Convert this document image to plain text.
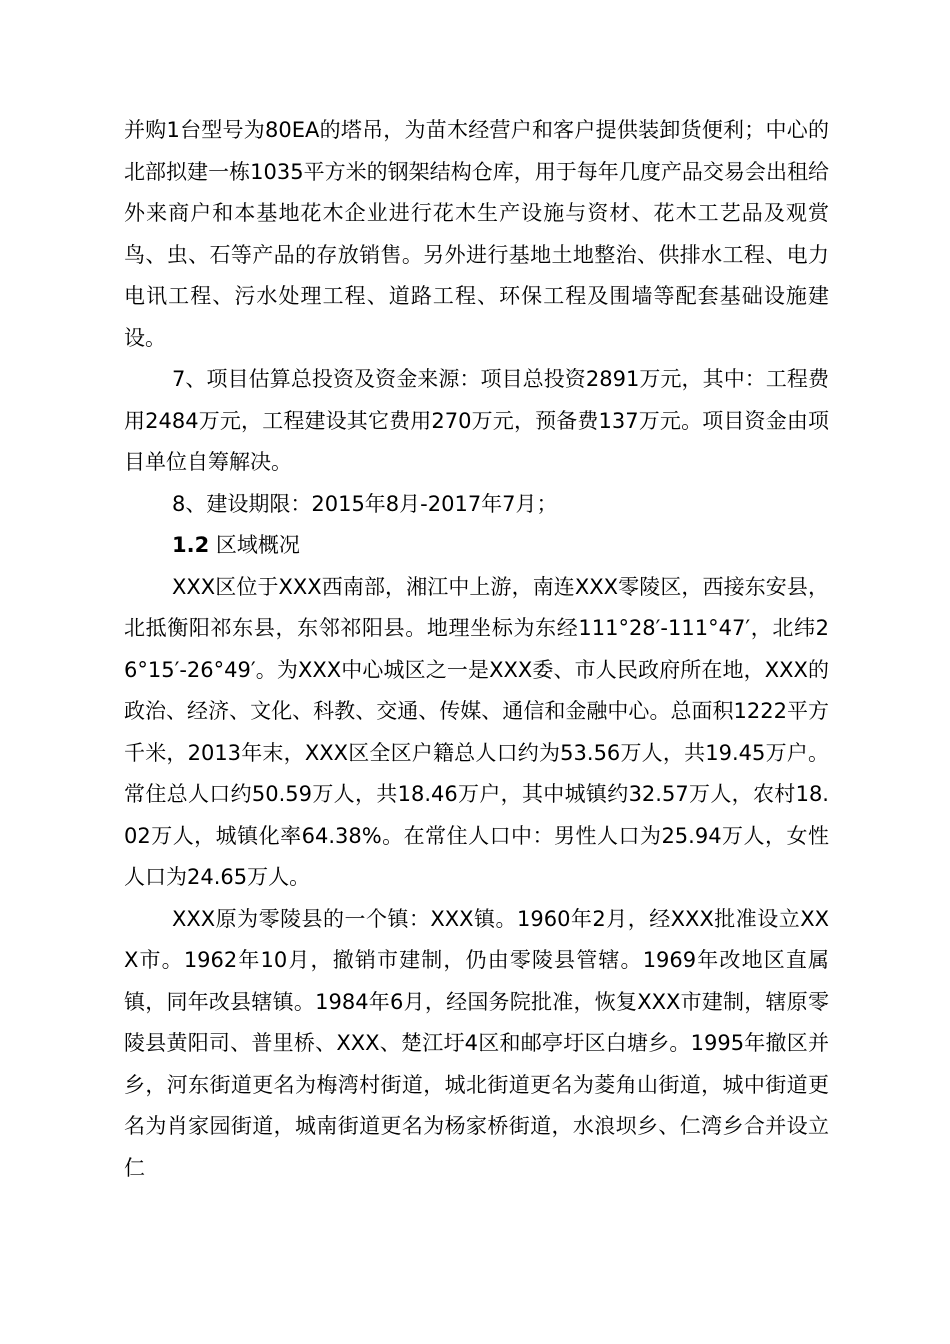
并购1台型号为80EA的塔吊，为苗木经营户和客户提供装卸货便利；中心的北部拟建一栋1035平方米的钢架结构仓库，用于每年几度产品交易会出租给外来商户和本基地花木企业进行花木生产设施与资材、花木工艺品及观赏鸟、虫、石等产品的存放销售。另外进行基地土地整治、供排水工程、电力电讯工程、污水处理工程、道路工程、环保工程及围墙等配套基础设施建设。

7、项目估算总投资及资金来源：项目总投资2891万元，其中：工程费用2484万元，工程建设其它费用270万元，预备费137万元。项目资金由项目单位自筹解决。

8、建设期限：2015年8月-2017年7月；

1.2 区域概况

XXX区位于XXX西南部，湘江中上游，南连XXX零陵区，西接东安县，北抵衡阳祁东县，东邻祁阳县。地理坐标为东经111°28′-111°47′，北纬26°15′-26°49′。为XXX中心城区之一是XXX委、市人民政府所在地，XXX的政治、经济、文化、科教、交通、传媒、通信和金融中心。总面积1222平方千米，2013年末，XXX区全区户籍总人口约为53.56万人，共19.45万户。常住总人口约50.59万人，共18.46万户，其中城镇约32.57万人，农村18.02万人，城镇化率64.38%。在常住人口中：男性人口为25.94万人，女性人口为24.65万人。

XXX原为零陵县的一个镇：XXX镇。1960年2月，经XXX批准设立XXX市。1962年10月，撤销市建制，仍由零陵县管辖。1969年改地区直属镇，同年改县辖镇。1984年6月，经国务院批准，恢复XXX市建制，辖原零陵县黄阳司、普里桥、XXX、楚江圩4区和邮亭圩区白塘乡。1995年撤区并乡，河东街道更名为梅湾村街道，城北街道更名为菱角山街道，城中街道更名为肖家园街道，城南街道更名为杨家桥街道，水浪坝乡、仁湾乡合并设立仁
